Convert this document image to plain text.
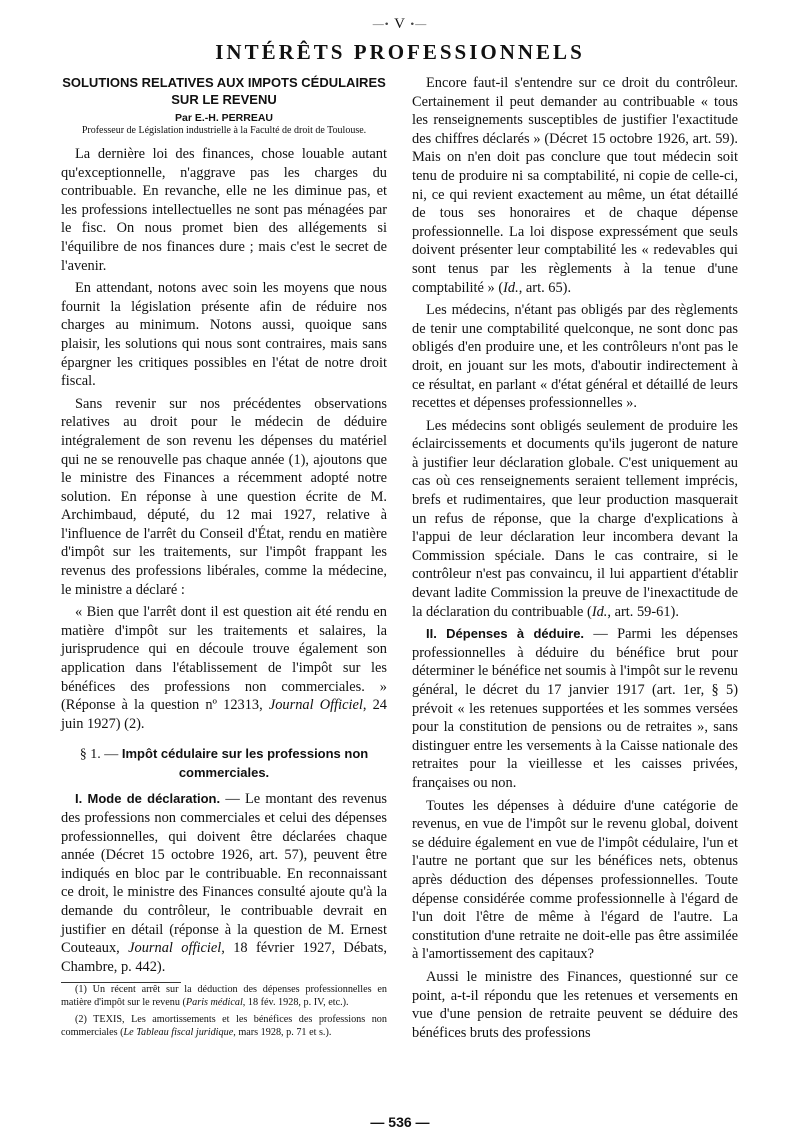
—• V •—
INTÉRÊTS PROFESSIONNELS
SOLUTIONS RELATIVES AUX IMPOTS CÉDULAIRES SUR LE REVENU
Par E.-H. PERREAU
Professeur de Législation industrielle à la Faculté de droit de Toulouse.

La dernière loi des finances, chose louable autant qu'exceptionnelle, n'aggrave pas les charges du contribuable. En revanche, elle ne les diminue pas, et les professions intellectuelles ne sont pas ménagées par le fisc. On nous promet bien des allégements si l'équilibre de nos finances dure ; mais c'est le secret de l'avenir.

En attendant, notons avec soin les moyens que nous fournit la législation présente afin de réduire nos charges au minimum. Notons aussi, quoique sans plaisir, les solutions qui nous sont contraires, mais sans épargner les critiques possibles en l'état de notre droit fiscal.

Sans revenir sur nos précédentes observations relatives au droit pour le médecin de déduire intégralement de son revenu les dépenses du matériel qui ne se renouvelle pas chaque année (1), ajoutons que le ministre des Finances a récemment adopté notre solution. En réponse à une question écrite de M. Archimbaud, député, du 12 mai 1927, relative à l'influence de l'arrêt du Conseil d'État, rendu en matière d'impôt sur les traitements, sur l'impôt frappant les revenus des professions libérales, comme la médecine, le ministre a déclaré :

« Bien que l'arrêt dont il est question ait été rendu en matière d'impôt sur les traitements et salaires, la jurisprudence qui en découle trouve également son application dans l'établissement de l'impôt sur les bénéfices des professions non commerciales. » (Réponse à la question nº 12313, Journal Officiel, 24 juin 1927) (2).

§ 1. — Impôt cédulaire sur les professions non commerciales.

I. Mode de déclaration. — Le montant des revenus des professions non commerciales et celui des dépenses professionnelles, qui doivent être déclarées chaque année (Décret 15 octobre 1926, art. 57), peuvent être indiqués en bloc par le contribuable. En reconnaissant ce droit, le ministre des Finances consulté ajoute qu'à la demande du contrôleur, le contribuable devrait en justifier en détail (réponse à la question de M. Ernest Couteaux, Journal officiel, 18 février 1927, Débats, Chambre, p. 442).

(1) Un récent arrêt sur la déduction des dépenses professionnelles en matière d'impôt sur le revenu (Paris médical, 18 fév. 1928, p. IV, etc.).

(2) TEXIS, Les amortissements et les bénéfices des professions non commerciales (Le Tableau fiscal juridique, mars 1928, p. 71 et s.).

Encore faut-il s'entendre sur ce droit du contrôleur. Certainement il peut demander au contribuable « tous les renseignements susceptibles de justifier l'exactitude des chiffres déclarés » (Décret 15 octobre 1926, art. 59). Mais on n'en doit pas conclure que tout médecin soit tenu de produire ni sa comptabilité, ni copie de celle-ci, ni, ce qui revient exactement au même, un état détaillé de tous ses honoraires et de chaque dépense professionnelle. La loi dispose expressément que seuls doivent présenter leur comptabilité les « redevables qui sont tenus par les règlements à la tenue d'une comptabilité » (Id., art. 65).

Les médecins, n'étant pas obligés par des règlements de tenir une comptabilité quelconque, ne sont donc pas obligés d'en produire une, et les contrôleurs n'ont pas le droit, en jouant sur les mots, d'aboutir indirectement à ce résultat, en parlant « d'état général et détaillé de leurs recettes et dépenses professionnelles ».

Les médecins sont obligés seulement de produire les éclaircissements et documents qu'ils jugeront de nature à justifier leur déclaration globale. C'est uniquement au cas où ces renseignements seraient tellement imprécis, brefs et rudimentaires, que leur production masquerait un refus de réponse, que la charge d'explications à l'appui de leur déclaration leur incombera devant la Commission spéciale. Dans le cas contraire, si le contrôleur n'est pas convaincu, il lui appartient d'établir devant ladite Commission la preuve de l'inexactitude de la déclaration du contribuable (Id., art. 59-61).

II. Dépenses à déduire. — Parmi les dépenses professionnelles à déduire du bénéfice brut pour déterminer le bénéfice net soumis à l'impôt sur le revenu général, le décret du 17 janvier 1917 (art. 1er, § 5) prévoit « les retenues supportées et les sommes versées pour la constitution de pensions ou de retraites », sans distinguer entre les versements à la Caisse nationale des retraites pour la vieillesse et les caisses privées, françaises ou non.

Toutes les dépenses à déduire d'une catégorie de revenus, en vue de l'impôt sur le revenu global, doivent se déduire également en vue de l'impôt cédulaire, l'un et l'autre ne portant que sur les bénéfices nets, obtenus après déduction des dépenses professionnelles. Toute dépense considérée comme professionnelle à l'égard de l'un doit l'être de même à l'égard de l'autre. La constitution d'une retraite ne doit-elle pas être assimilée à l'amortissement des capitaux?

Aussi le ministre des Finances, questionné sur ce point, a-t-il répondu que les retenues et versements en vue d'une pension de retraite peuvent se déduire des bénéfices bruts des professions

— 536 —
